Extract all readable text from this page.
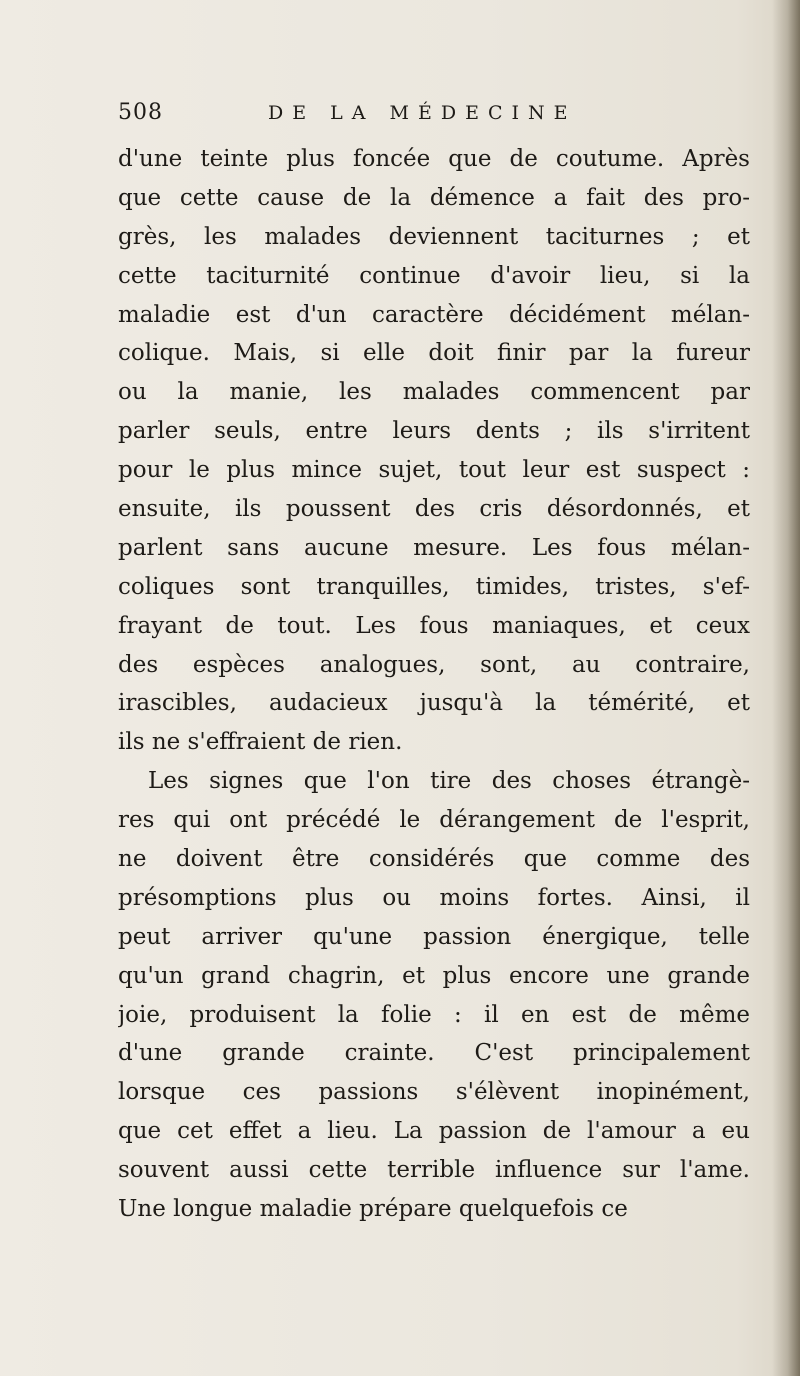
508	DE LA MÉDECINE
d'une teinte plus foncée que de coutume. Après
que cette cause de la démence a fait des pro-
grès, les malades deviennent taciturnes ; et
cette taciturnité continue d'avoir lieu, si la
maladie est d'un caractère décidément mélan-
colique. Mais, si elle doit finir par la fureur
ou la manie, les malades commencent par
parler seuls, entre leurs dents ; ils s'irritent
pour le plus mince sujet, tout leur est suspect :
ensuite, ils poussent des cris désordonnés, et
parlent sans aucune mesure. Les fous mélan-
coliques sont tranquilles, timides, tristes, s'ef-
frayant de tout. Les fous maniaques, et ceux
des espèces analogues, sont, au contraire,
irascibles, audacieux jusqu'à la témérité, et
ils ne s'effraient de rien.
Les signes que l'on tire des choses étrangè-
res qui ont précédé le dérangement de l'esprit,
ne doivent être considérés que comme des
présomptions plus ou moins fortes. Ainsi, il
peut arriver qu'une passion énergique, telle
qu'un grand chagrin, et plus encore une grande
joie, produisent la folie : il en est de même
d'une grande crainte. C'est principalement
lorsque ces passions s'élèvent inopinément,
que cet effet a lieu. La passion de l'amour a eu
souvent aussi cette terrible influence sur l'ame.
Une longue maladie prépare quelquefois ce
